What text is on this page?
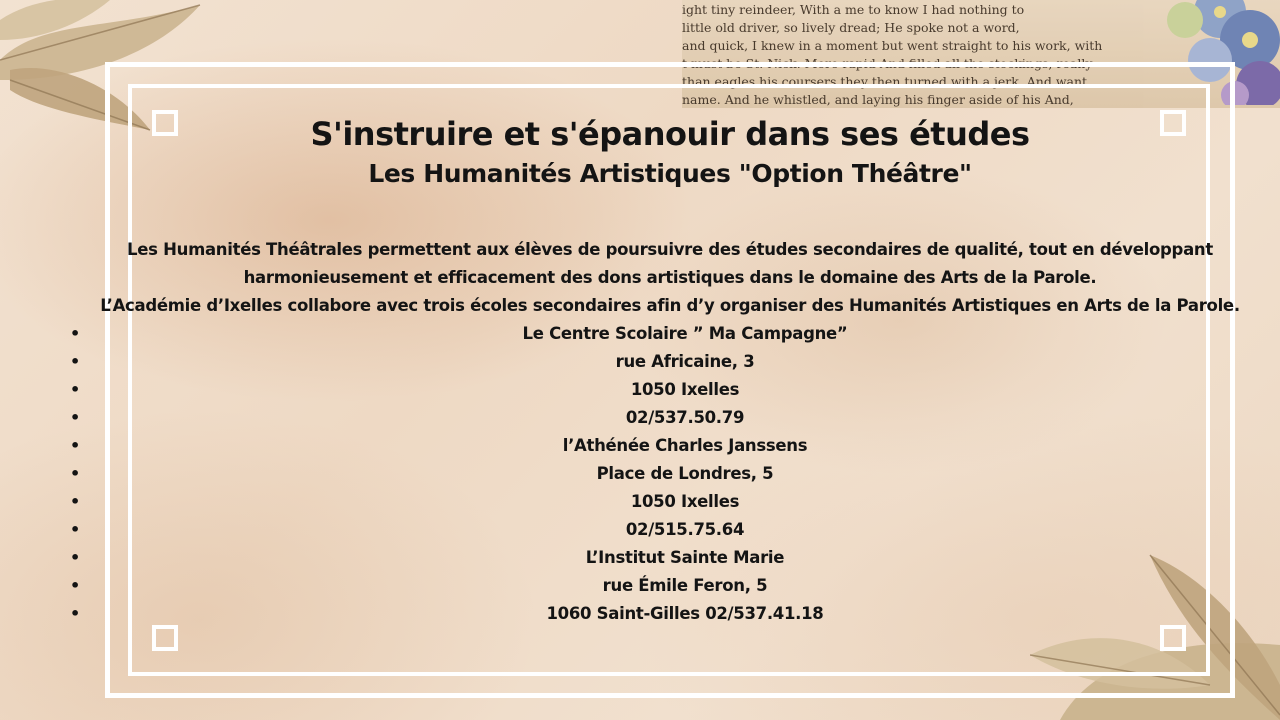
ight tiny reindeer, With a me to know I had nothing to
little old driver, so lively dread; He spoke not a word,
and quick, I knew in a moment but went straight to his work, with
t must be St. Nick. More rapid And filled all the stockings; really
than eagles his coursers they then turned with a jerk, And want
name. And he whistled, and laying his finger aside of his And,
S'instruire et s'épanouir dans ses études
Les Humanités Artistiques "Option Théâtre"

Les Humanités Théâtrales permettent aux élèves de poursuivre des études secondaires de qualité, tout en développant harmonieusement et efficacement des dons artistiques dans le domaine des Arts de la Parole.

L’Académie d’Ixelles collabore avec trois écoles secondaires afin d’y organiser des Humanités Artistiques en Arts de la Parole.

•	Le Centre Scolaire ” Ma Campagne”
•	rue Africaine, 3
•	1050 Ixelles
•	02/537.50.79
•	l’Athénée Charles Janssens
•	Place de Londres, 5
•	1050 Ixelles
•	02/515.75.64
•	L’Institut Sainte Marie
•	rue Émile Feron, 5
•	1060 Saint-Gilles 02/537.41.18
